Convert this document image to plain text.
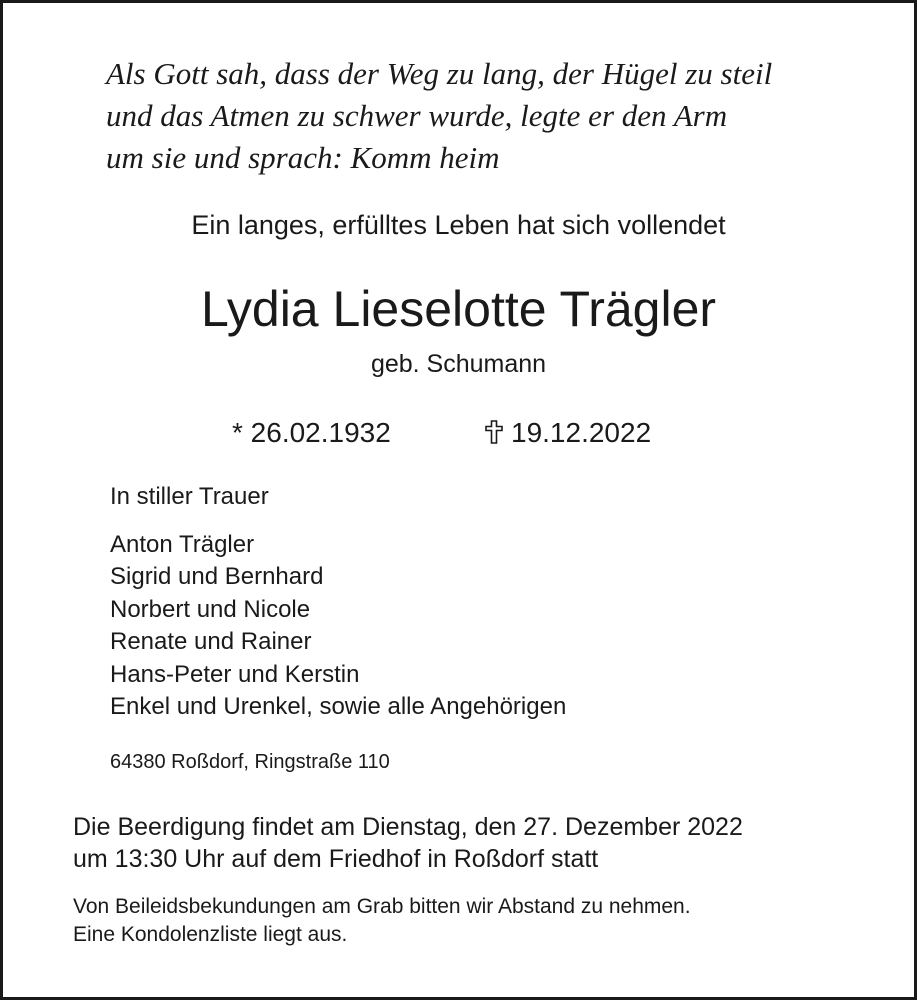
Als Gott sah, dass der Weg zu lang, der Hügel zu steil
und das Atmen zu schwer wurde, legte er den Arm
um sie und sprach: Komm heim

Ein langes, erfülltes Leben hat sich vollendet
Lydia Lieselotte Trägler
geb. Schumann
* 26.02.1932	19.12.2022
In stiller Trauer
Anton Trägler
Sigrid und Bernhard
Norbert und Nicole
Renate und Rainer
Hans-Peter und Kerstin
Enkel und Urenkel, sowie alle Angehörigen
64380 Roßdorf, Ringstraße 110

Die Beerdigung findet am Dienstag, den 27. Dezember 2022
um 13:30 Uhr auf dem Friedhof in Roßdorf statt

Von Beileidsbekundungen am Grab bitten wir Abstand zu nehmen.
Eine Kondolenzliste liegt aus.
